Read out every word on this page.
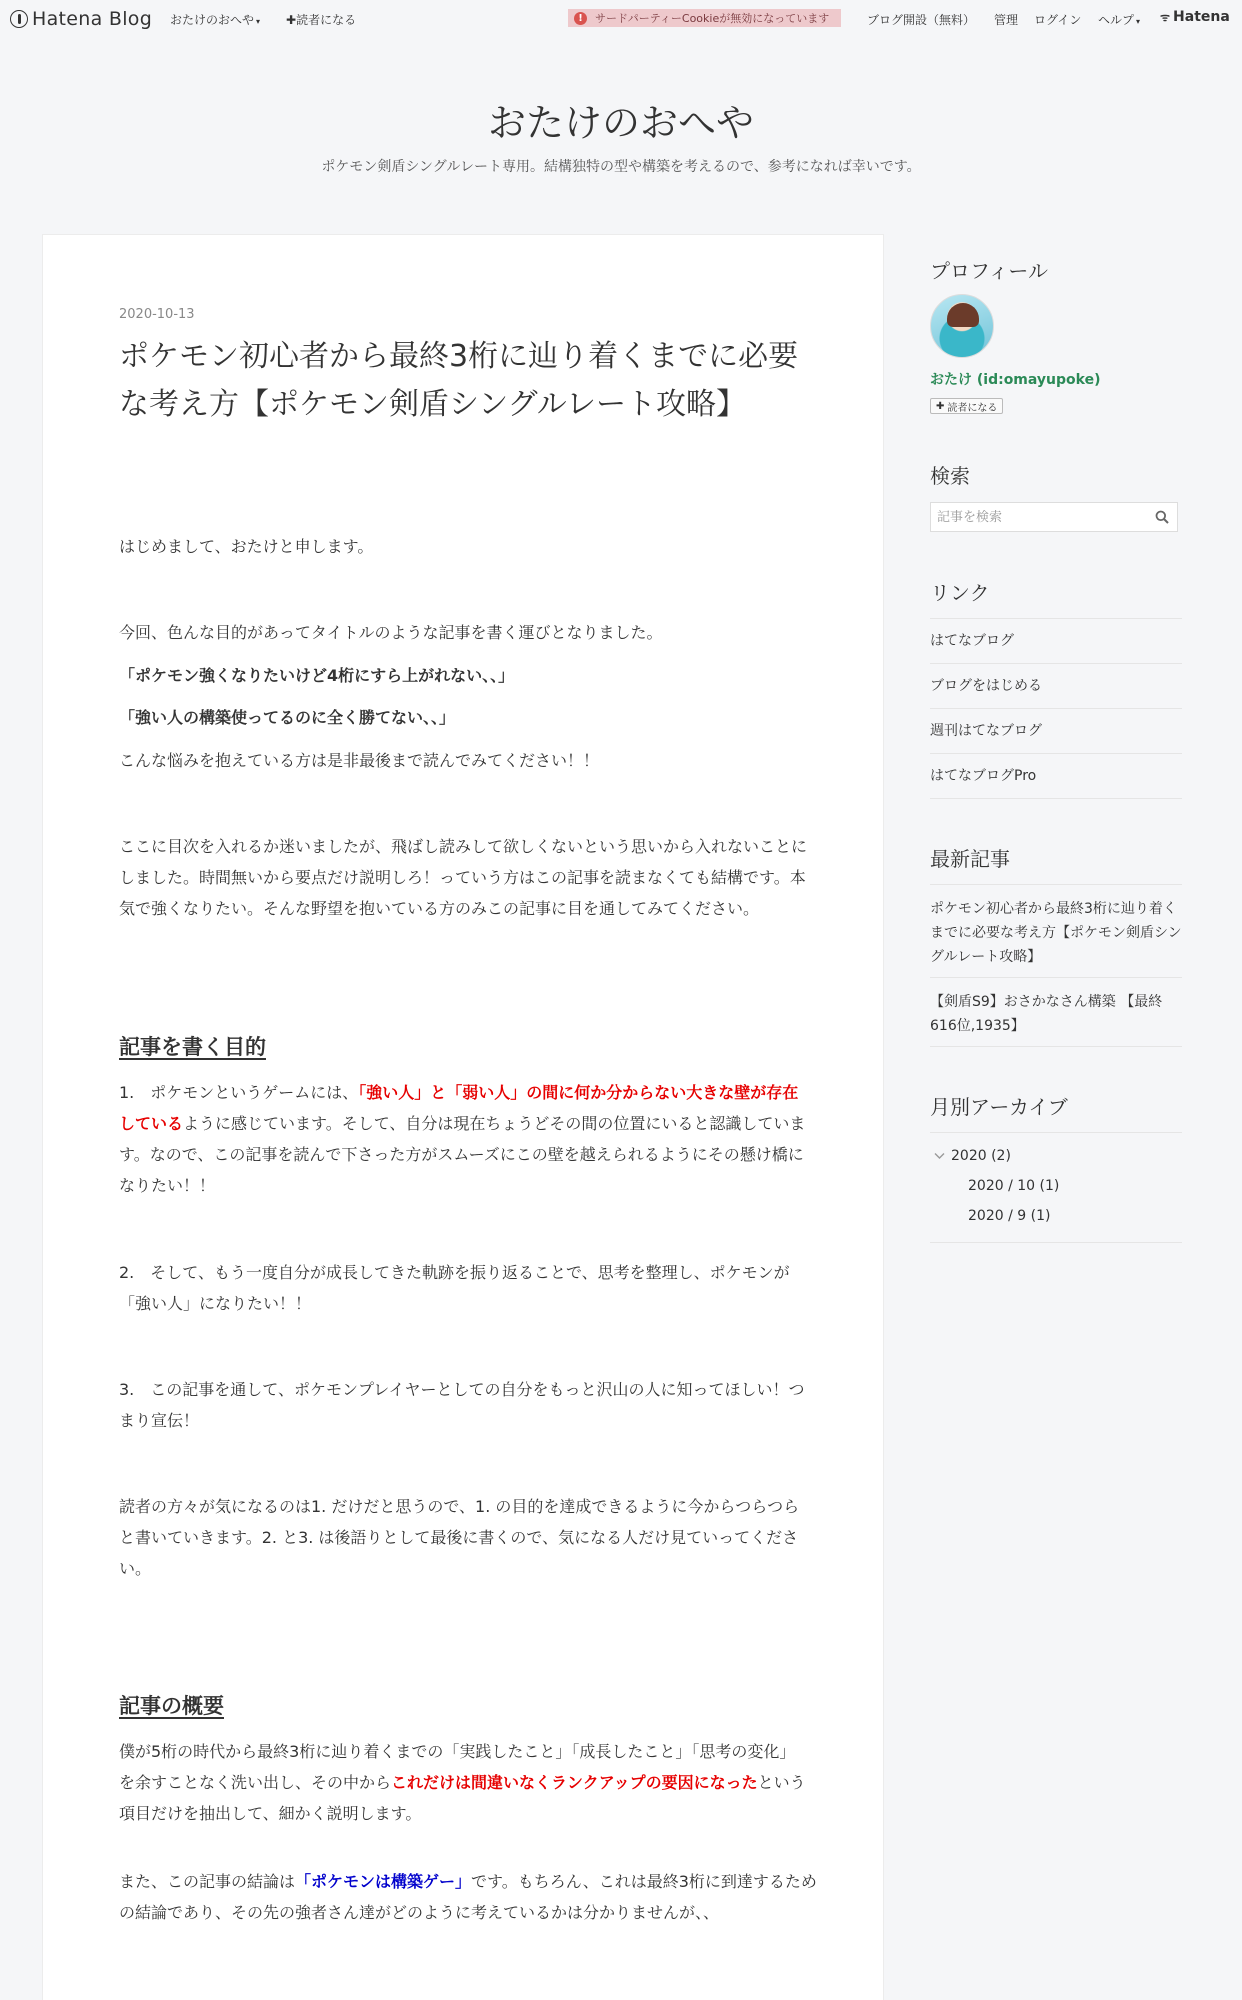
Hatena Blog おたけのおへや ▾ ✚読者になる	!	サードパーティーCookieが無効になっています	ブログ開設（無料） 管理 ログイン ヘルプ ▾ ᯤ Hatena
おたけのおへや

ポケモン剣盾シングルレート専用。結構独特の型や構築を考えるので、参考になれば幸いです。

2020-10-13
ポケモン初心者から最終3桁に辿り着くまでに必要な考え方【ポケモン剣盾シングルレート攻略】

はじめまして、おたけと申します。

今回、色んな目的があってタイトルのような記事を書く運びとなりました。

「ポケモン強くなりたいけど4桁にすら上がれない、、」

「強い人の構築使ってるのに全く勝てない、、」

こんな悩みを抱えている方は是非最後まで読んでみてください！！

ここに目次を入れるか迷いましたが、飛ばし読みして欲しくないという思いから入れないことにしました。時間無いから要点だけ説明しろ！っていう方はこの記事を読まなくても結構です。本気で強くなりたい。そんな野望を抱いている方のみこの記事に目を通してみてください。

記事を書く目的

1.　ポケモンというゲームには、「強い人」と「弱い人」の間に何か分からない大きな壁が存在しているように感じています。そして、自分は現在ちょうどその間の位置にいると認識しています。なので、この記事を読んで下さった方がスムーズにこの壁を越えられるようにその懸け橋になりたい！！

2.　そして、もう一度自分が成長してきた軌跡を振り返ることで、思考を整理し、ポケモンが「強い人」になりたい！！

3.　この記事を通して、ポケモンプレイヤーとしての自分をもっと沢山の人に知ってほしい！つまり宣伝！

読者の方々が気になるのは1. だけだと思うので、1. の目的を達成できるように今からつらつらと書いていきます。2. と3. は後語りとして最後に書くので、気になる人だけ見ていってください。

記事の概要

僕が5桁の時代から最終3桁に辿り着くまでの「実践したこと」「成長したこと」「思考の変化」を余すことなく洗い出し、その中からこれだけは間違いなくランクアップの要因になったという項目だけを抽出して、細かく説明します。

また、この記事の結論は「ポケモンは構築ゲー」です。もちろん、これは最終3桁に到達するための結論であり、その先の強者さん達がどのように考えているかは分かりませんが、、

プロフィール
おたけ (id:omayupoke)
✚ 読者になる
検索
記事を検索
リンク
はてなブログ
ブログをはじめる
週刊はてなブログ
はてなブログPro
最新記事
ポケモン初心者から最終3桁に辿り着くまでに必要な考え方【ポケモン剣盾シングルレート攻略】
【剣盾S9】おさかなさん構築 【最終616位,1935】
月別アーカイブ
2020 (2)
2020 / 10 (1)
2020 / 9 (1)
